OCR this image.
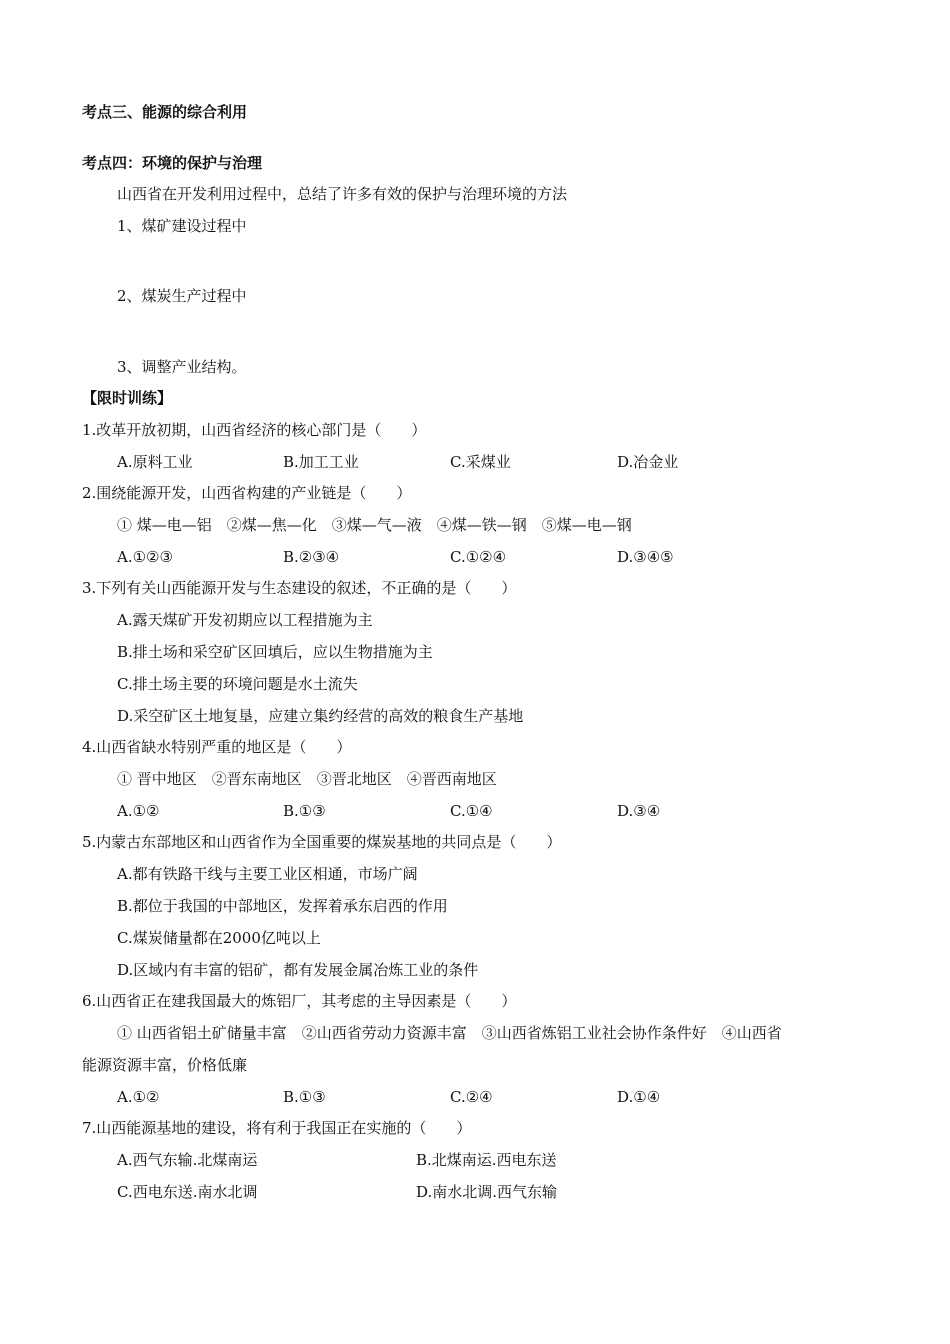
考点三、能源的综合利用
考点四：环境的保护与治理
山西省在开发利用过程中，总结了许多有效的保护与治理环境的方法
1、煤矿建设过程中
2、煤炭生产过程中
3、调整产业结构。
【限时训练】
1.改革开放初期，山西省经济的核心部门是（　　）
A.原料工业	B.加工工业	C.采煤业	D.冶金业
2.围绕能源开发，山西省构建的产业链是（　　）
① 煤—电—铝　②煤—焦—化　③煤—气—液　④煤—铁—钢　⑤煤—电—钢
A.①②③	B.②③④	C.①②④	D.③④⑤
3.下列有关山西能源开发与生态建设的叙述，不正确的是（　　）
A.露天煤矿开发初期应以工程措施为主
B.排土场和采空矿区回填后，应以生物措施为主
C.排土场主要的环境问题是水土流失
D.采空矿区土地复垦，应建立集约经营的高效的粮食生产基地
4.山西省缺水特别严重的地区是（　　）
① 晋中地区　②晋东南地区　③晋北地区　④晋西南地区
A.①②	B.①③	C.①④	D.③④
5.内蒙古东部地区和山西省作为全国重要的煤炭基地的共同点是（　　）
A.都有铁路干线与主要工业区相通，市场广阔
B.都位于我国的中部地区，发挥着承东启西的作用
C.煤炭储量都在2000亿吨以上
D.区域内有丰富的铝矿，都有发展金属冶炼工业的条件
6.山西省正在建我国最大的炼铝厂，其考虑的主导因素是（　　）
① 山西省铝土矿储量丰富　②山西省劳动力资源丰富　③山西省炼铝工业社会协作条件好　④山西省
能源资源丰富，价格低廉
A.①②	B.①③	C.②④	D.①④
7.山西能源基地的建设，将有利于我国正在实施的（　　）
A.西气东输.北煤南运	B.北煤南运.西电东送
C.西电东送.南水北调	D.南水北调.西气东输
